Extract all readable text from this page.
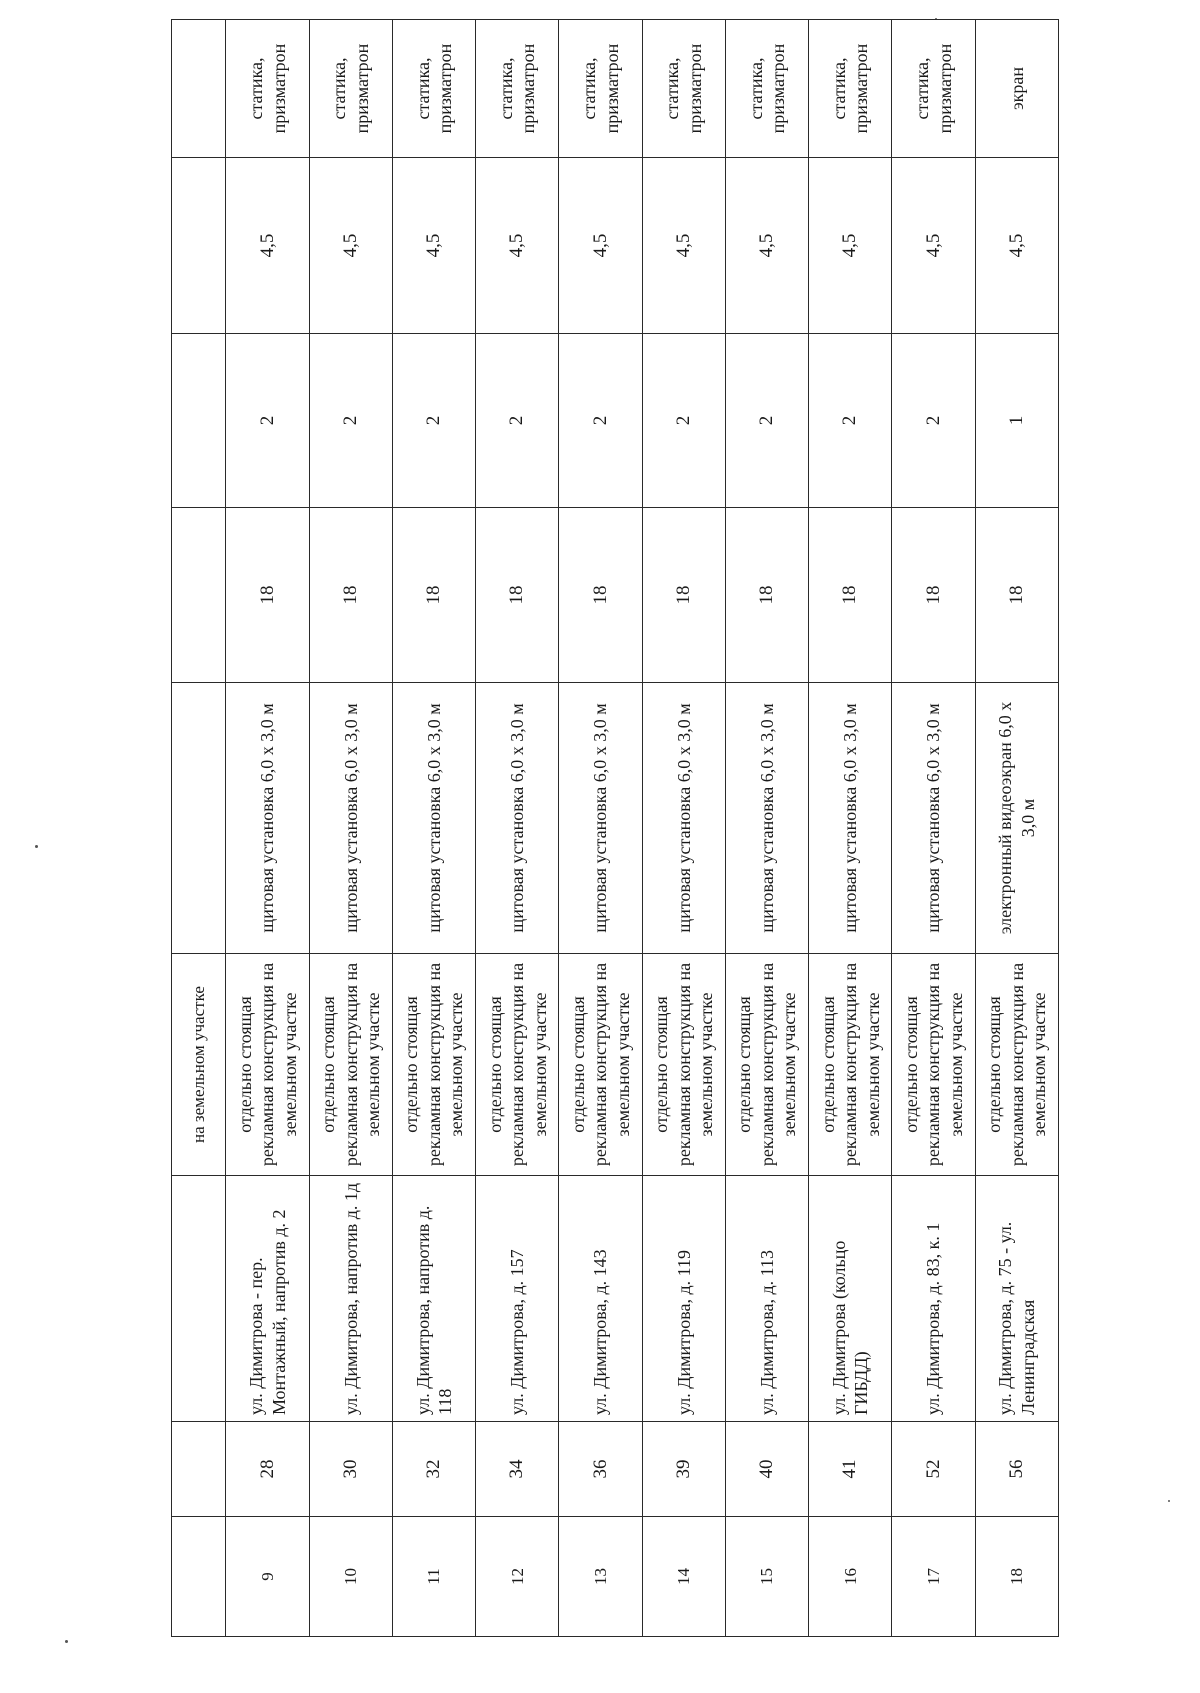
			на земельном участке					
9	28	ул. Димитрова - пер. Монтажный, напротив д. 2	отдельно стоящая рекламная конструкция на земельном участке	щитовая установка 6,0 х 3,0 м	18	2	4,5	статика, призматрон
10	30	ул. Димитрова, напротив д. 1д	отдельно стоящая рекламная конструкция на земельном участке	щитовая установка 6,0 х 3,0 м	18	2	4,5	статика, призматрон
11	32	ул. Димитрова, напротив д. 118	отдельно стоящая рекламная конструкция на земельном участке	щитовая установка 6,0 х 3,0 м	18	2	4,5	статика, призматрон
12	34	ул. Димитрова, д. 157	отдельно стоящая рекламная конструкция на земельном участке	щитовая установка 6,0 х 3,0 м	18	2	4,5	статика, призматрон
13	36	ул. Димитрова, д. 143	отдельно стоящая рекламная конструкция на земельном участке	щитовая установка 6,0 х 3,0 м	18	2	4,5	статика, призматрон
14	39	ул. Димитрова, д. 119	отдельно стоящая рекламная конструкция на земельном участке	щитовая установка 6,0 х 3,0 м	18	2	4,5	статика, призматрон
15	40	ул. Димитрова, д. 113	отдельно стоящая рекламная конструкция на земельном участке	щитовая установка 6,0 х 3,0 м	18	2	4,5	статика, призматрон
16	41	ул. Димитрова (кольцо ГИБДД)	отдельно стоящая рекламная конструкция на земельном участке	щитовая установка 6,0 х 3,0 м	18	2	4,5	статика, призматрон
17	52	ул. Димитрова, д. 83, к. 1	отдельно стоящая рекламная конструкция на земельном участке	щитовая установка 6,0 х 3,0 м	18	2	4,5	статика, призматрон
18	56	ул. Димитрова, д. 75 - ул. Ленинградская	отдельно стоящая рекламная конструкция на земельном участке	электронный видеоэкран 6,0 х 3,0 м	18	1	4,5	экран
